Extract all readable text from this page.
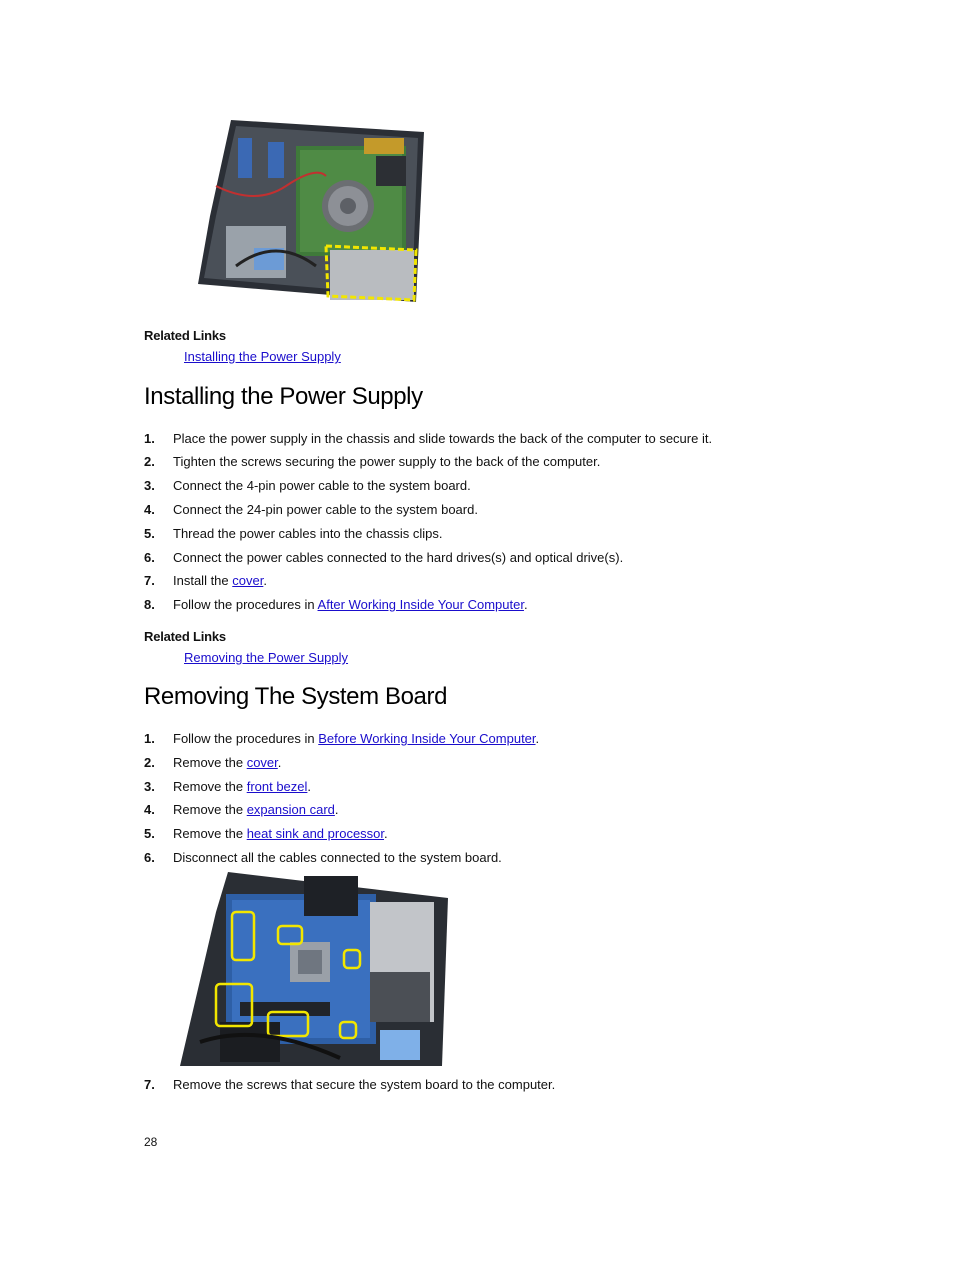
Related Links
Installing the Power Supply
Installing the Power Supply
1. Place the power supply in the chassis and slide towards the back of the computer to secure it.
2. Tighten the screws securing the power supply to the back of the computer.
3. Connect the 4-pin power cable to the system board.
4. Connect the 24-pin power cable to the system board.
5. Thread the power cables into the chassis clips.
6. Connect the power cables connected to the hard drives(s) and optical drive(s).
7. Install the cover.
8. Follow the procedures in After Working Inside Your Computer.
Related Links
Removing the Power Supply
Removing The System Board
1. Follow the procedures in Before Working Inside Your Computer.
2. Remove the cover.
3. Remove the front bezel.
4. Remove the expansion card.
5. Remove the heat sink and processor.
6. Disconnect all the cables connected to the system board.
7. Remove the screws that secure the system board to the computer.
28
